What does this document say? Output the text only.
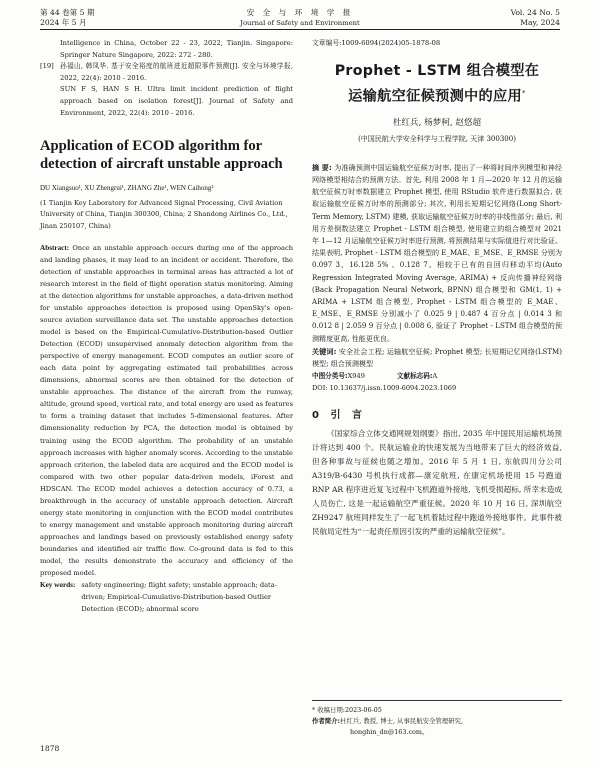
第 44 卷第 5 期
2024 年 5 月
安 全 与 环 境 学 报
Journal of Safety and Environment
Vol. 24 No. 5
May, 2024
Intelligence in China, October 22 - 23, 2022, Tianjin. Singapore: Springer Nature Singapore, 2022: 272 - 280.
[19] 孙福山, 韩凤华. 基于安全裕度的航班进近超限事件预测[J]. 安全与环境学报, 2022, 22(4): 2010 - 2016.
SUN F S, HAN S H. Ultra limit incident prediction of flight approach based on isolation forest[J]. Journal of Safety and Environment, 2022, 22(4): 2010 - 2016.
Application of ECOD algorithm for detection of aircraft unstable approach
DU Xiangsuo¹, XU Zhengrui¹, ZHANG Zhe¹, WEN Caihong²
(1 Tianjin Key Laboratory for Advanced Signal Processing, Civil Aviation University of China, Tianjin 300300, China; 2 Shandong Airlines Co., Ltd., Jinan 250107, China)
Abstract: Once an unstable approach occurs during one of the approach and landing phases, it may lead to an incident or accident. Therefore, the detection of unstable approaches in terminal areas has attracted a lot of research interest in the field of flight operation status monitoring. Aiming at the detection algorithms for unstable approaches, a data-driven method for unstable approaches detection is proposed using OpenSky's open-source aviation surveillance data set. The unstable approaches detection model is based on the Empirical-Cumulative-Distribution-based Outlier Detection (ECOD) unsupervised anomaly detection algorithm from the perspective of energy management. ECOD computes an outlier score of each data point by aggregating estimated tail probabilities across dimensions, abnormal scores are then obtained for the detection of unstable approaches. The distance of the aircraft from the runway, altitude, ground speed, vertical rate, and total energy are used as features to form a training dataset that includes 5-dimensional features. After dimensionality reduction by PCA, the detection model is obtained by training using the ECOD algorithm. The probability of an unstable approach increases with higher anomaly scores. According to the unstable approach criterion, the labeled data are acquired and the ECOD model is compared with two other popular data-driven models, iForest and HDSCAN. The ECOD model achieves a detection accuracy of 0.73, a breakthrough in the accuracy of unstable approach detection. Aircraft energy state monitoring in conjunction with the ECOD model contributes to energy management and unstable approach monitoring during aircraft approaches and landings based on previously established energy safety boundaries and identified air traffic flow. Co-ground data is fed to this model, the results demonstrate the accuracy and efficiency of the proposed model.
Key words: safety engineering; flight safety; unstable approach; data-driven; Empirical-Cumulative-Distribution-based Outlier Detection (ECOD); abnormal score
1878
文章编号:1009-6094(2024)05-1878-08
Prophet - LSTM 组合模型在
运输航空征候预测中的应用*
杜红兵, 杨梦柯, 赵悠超
(中国民航大学安全科学与工程学院, 天津 300300)
摘 要: 为准确预测中国运输航空征候万时率, 提出了一种将时间序列模型和神经网络模型相结合的预测方法。首先, 利用 2008 年 1 月—2020 年 12 月的运输航空征候万时率数据建立 Prophet 模型, 使用 RStudio 软件进行数据拟合, 获取运输航空征候万时率的预测部分; 其次, 利用长短期记忆网络(Long Short-Term Memory, LSTM) 建模, 获取运输航空征候万时率的非线性部分; 最后, 利用方差倒数法建立 Prophet - LSTM 组合模型, 使用建立的组合模型对 2021 年 1—12 月运输航空征候万时率进行预测, 将预测结果与实际值进行对比验证。结果表明, Prophet - LSTM 组合模型的 E_MAE、E_MSE、E_RMSE 分别为 0.097 3、16.128 5% 、0.128 7。相较于已有的自回归移动平均(Auto Regression Integrated Moving Average, ARIMA) + 反向传播神经网络(Back Propagation Neural Network, BPNN) 组合模型和 GM(1, 1) + ARIMA + LSTM 组合模型, Prophet - LSTM 组合模型的 E_MAE、E_MSE、E_RMSE 分别减小了 0.025 9 | 0.487 4 百分点 | 0.014 3 和 0.012 8 | 2.059 9 百分点 | 0.008 6, 验证了 Prophet - LSTM 组合模型的预测精度更高, 性能更优良。
关键词: 安全社会工程; 运输航空征候; Prophet 模型; 长短期记忆网络(LSTM) 模型; 组合预测模型
中图分类号:X949	文献标志码:A
DOI: 10.13637/j.issn.1009-6094.2023.1069
0 引 言
《国家综合立体交通网规划纲要》指出, 2035 年中国民用运输机场预计将达到 400 个。民航运输业的快速发展为当地带来了巨大的经济效益, 但各种事故与征候也随之增加。2016 年 5 月 1 日, 东航四川分公司 A319/B-6430 号机执行成都—康定航班, 在康定机场使用 15 号跑道 RNP AR 程序进近复飞过程中飞机跑道外接地, 飞机受损超标, 所幸未造成人员伤亡, 这是一起运输航空严重征候。2020 年 10 月 16 日, 深圳航空 ZH9247 航班同样发生了一起飞机着陆过程中跑道外接地事件。此事件被民航局定性为“一起责任原因引发的严重的运输航空征候”。
* 收稿日期:2023-06-05
作者简介:杜红兵, 教授, 博士, 从事民航安全管理研究,
honghin_dn@163.com。
